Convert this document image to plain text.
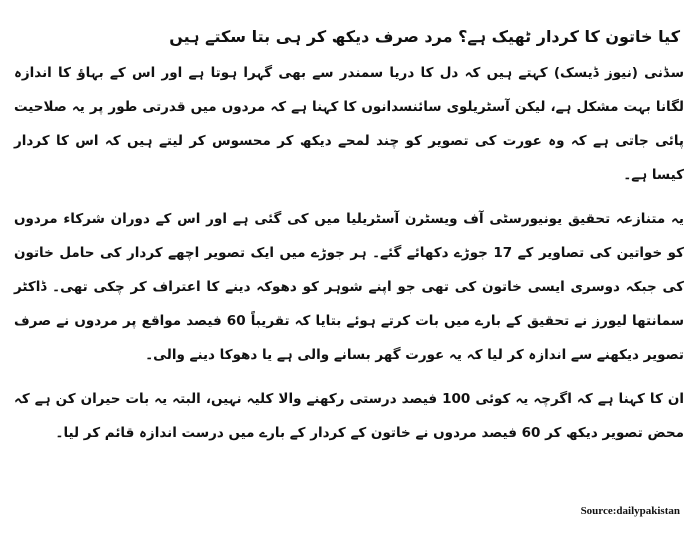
کیا خاتون کا کردار ٹھیک ہے؟ مرد صرف دیکھ کر ہی بتا سکتے ہیں

سڈنی (نیوز ڈیسک) کہتے ہیں کہ دل کا دریا سمندر سے بھی گہرا ہوتا ہے اور اس کے بہاؤ کا اندازہ لگانا بہت مشکل ہے، لیکن آسٹریلوی سائنسدانوں کا کہنا ہے کہ مردوں میں قدرتی طور پر یہ صلاحیت پائی جاتی ہے کہ وہ عورت کی تصویر کو چند لمحے دیکھ کر محسوس کر لیتے ہیں کہ اس کا کردار کیسا ہے۔

یہ متنازعہ تحقیق یونیورسٹی آف ویسٹرن آسٹریلیا میں کی گئی ہے اور اس کے دوران شرکاء مردوں کو خواتین کی تصاویر کے 17 جوڑے دکھائے گئے۔ ہر جوڑے میں ایک تصویر اچھے کردار کی حامل خاتون کی جبکہ دوسری ایسی خاتون کی تھی جو اپنے شوہر کو دھوکہ دینے کا اعتراف کر چکی تھی۔ ڈاکٹر سمانتھا لیورز نے تحقیق کے بارے میں بات کرتے ہوئے بتایا کہ تقریباً 60 فیصد مواقع پر مردوں نے صرف تصویر دیکھنے سے اندازہ کر لیا کہ یہ عورت گھر بسانے والی ہے یا دھوکا دینے والی۔

ان کا کہنا ہے کہ اگرچہ یہ کوئی 100 فیصد درستی رکھنے والا کلیہ نہیں، البتہ یہ بات حیران کن ہے کہ محض تصویر دیکھ کر 60 فیصد مردوں نے خاتون کے کردار کے بارے میں درست اندازہ قائم کر لیا۔

Source:dailypakistan
